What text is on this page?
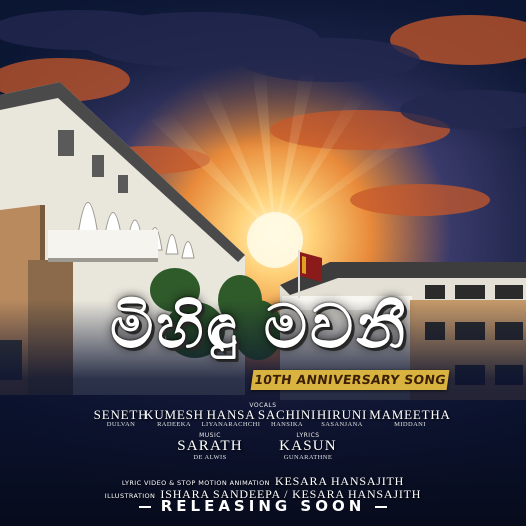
මිහිඳු මවනී
10TH ANNIVERSARY SONG
VOCALS
SENETH
DULVAN
KUMESH
RADEEKA
HANSA
LIYANARACHCHI
SACHINI
HANSIKA
HIRUNI
SASANJANA
MAMEETHA
MIDDANI
MUSIC
SARATH
DE ALWIS
LYRICS
KASUN
GUNARATHNE
LYRIC VIDEO & STOP MOTION ANIMATION KESARA HANSAJITH
ILLUSTRATION ISHARA SANDEEPA / KESARA HANSAJITH
RELEASING SOON
